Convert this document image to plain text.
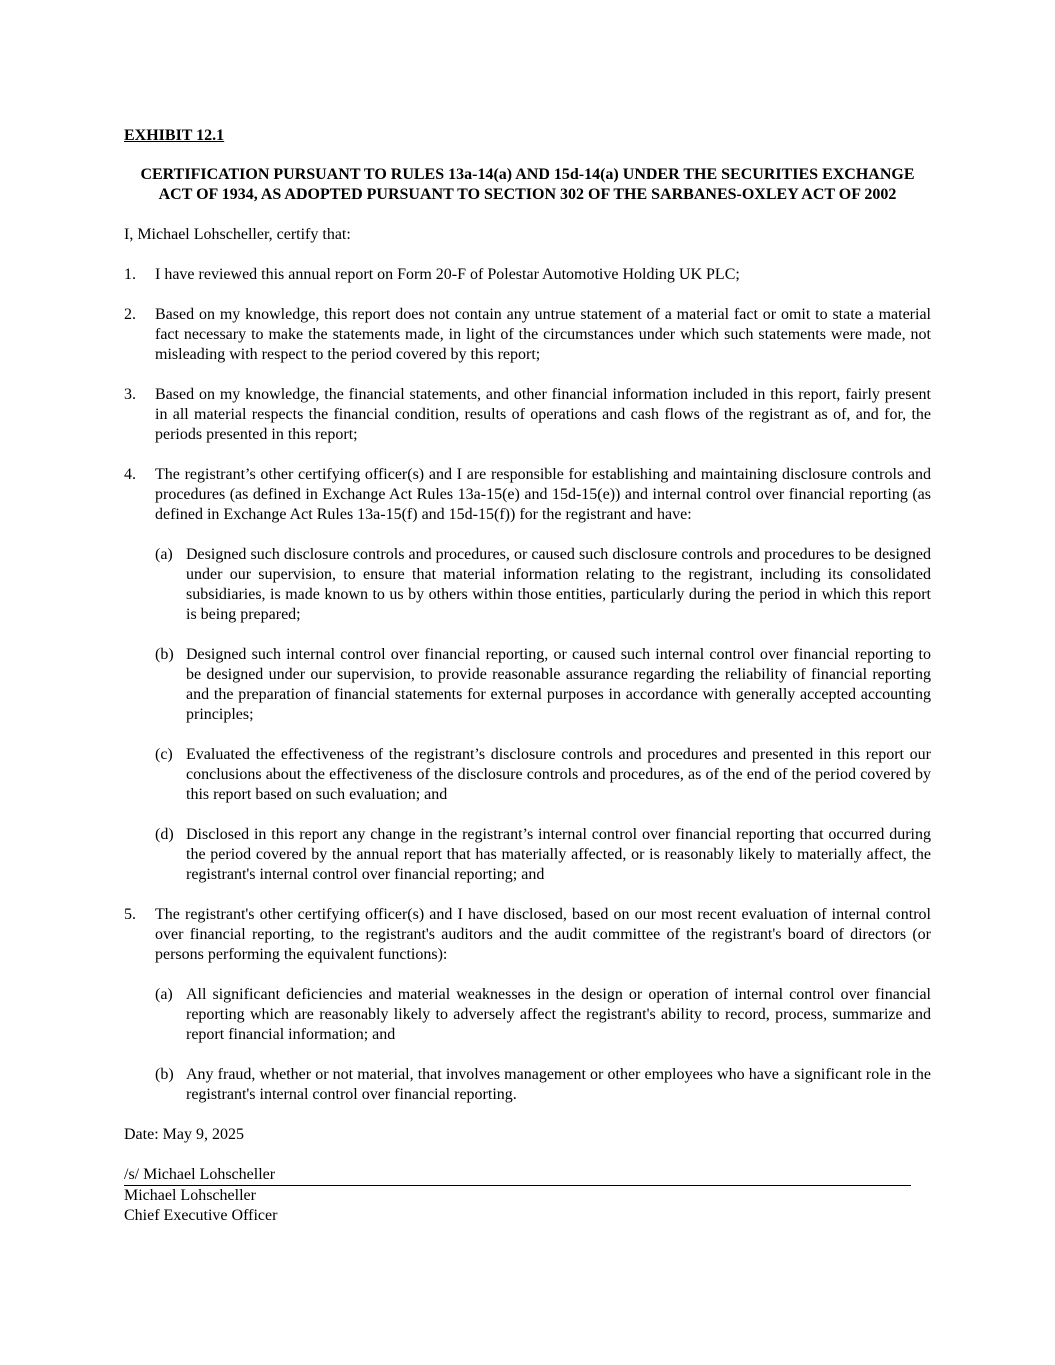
EXHIBIT 12.1

CERTIFICATION PURSUANT TO RULES 13a-14(a) AND 15d-14(a) UNDER THE SECURITIES EXCHANGE ACT OF 1934, AS ADOPTED PURSUANT TO SECTION 302 OF THE SARBANES-OXLEY ACT OF 2002

I, Michael Lohscheller, certify that:

1.	I have reviewed this annual report on Form 20-F of Polestar Automotive Holding UK PLC;
2.	Based on my knowledge, this report does not contain any untrue statement of a material fact or omit to state a material fact necessary to make the statements made, in light of the circumstances under which such statements were made, not misleading with respect to the period covered by this report;
3.	Based on my knowledge, the financial statements, and other financial information included in this report, fairly present in all material respects the financial condition, results of operations and cash flows of the registrant as of, and for, the periods presented in this report;
4.	The registrant’s other certifying officer(s) and I are responsible for establishing and maintaining disclosure controls and procedures (as defined in Exchange Act Rules 13a-15(e) and 15d-15(e)) and internal control over financial reporting (as defined in Exchange Act Rules 13a-15(f) and 15d-15(f)) for the registrant and have:
(a) Designed such disclosure controls and procedures, or caused such disclosure controls and procedures to be designed under our supervision, to ensure that material information relating to the registrant, including its consolidated subsidiaries, is made known to us by others within those entities, particularly during the period in which this report is being prepared;
(b) Designed such internal control over financial reporting, or caused such internal control over financial reporting to be designed under our supervision, to provide reasonable assurance regarding the reliability of financial reporting and the preparation of financial statements for external purposes in accordance with generally accepted accounting principles;
(c) Evaluated the effectiveness of the registrant’s disclosure controls and procedures and presented in this report our conclusions about the effectiveness of the disclosure controls and procedures, as of the end of the period covered by this report based on such evaluation; and
(d) Disclosed in this report any change in the registrant’s internal control over financial reporting that occurred during the period covered by the annual report that has materially affected, or is reasonably likely to materially affect, the registrant's internal control over financial reporting; and
5.	The registrant's other certifying officer(s) and I have disclosed, based on our most recent evaluation of internal control over financial reporting, to the registrant's auditors and the audit committee of the registrant's board of directors (or persons performing the equivalent functions):
(a) All significant deficiencies and material weaknesses in the design or operation of internal control over financial reporting which are reasonably likely to adversely affect the registrant's ability to record, process, summarize and report financial information; and
(b) Any fraud, whether or not material, that involves management or other employees who have a significant role in the registrant's internal control over financial reporting.

Date: May 9, 2025

/s/ Michael Lohscheller
Michael Lohscheller
Chief Executive Officer
